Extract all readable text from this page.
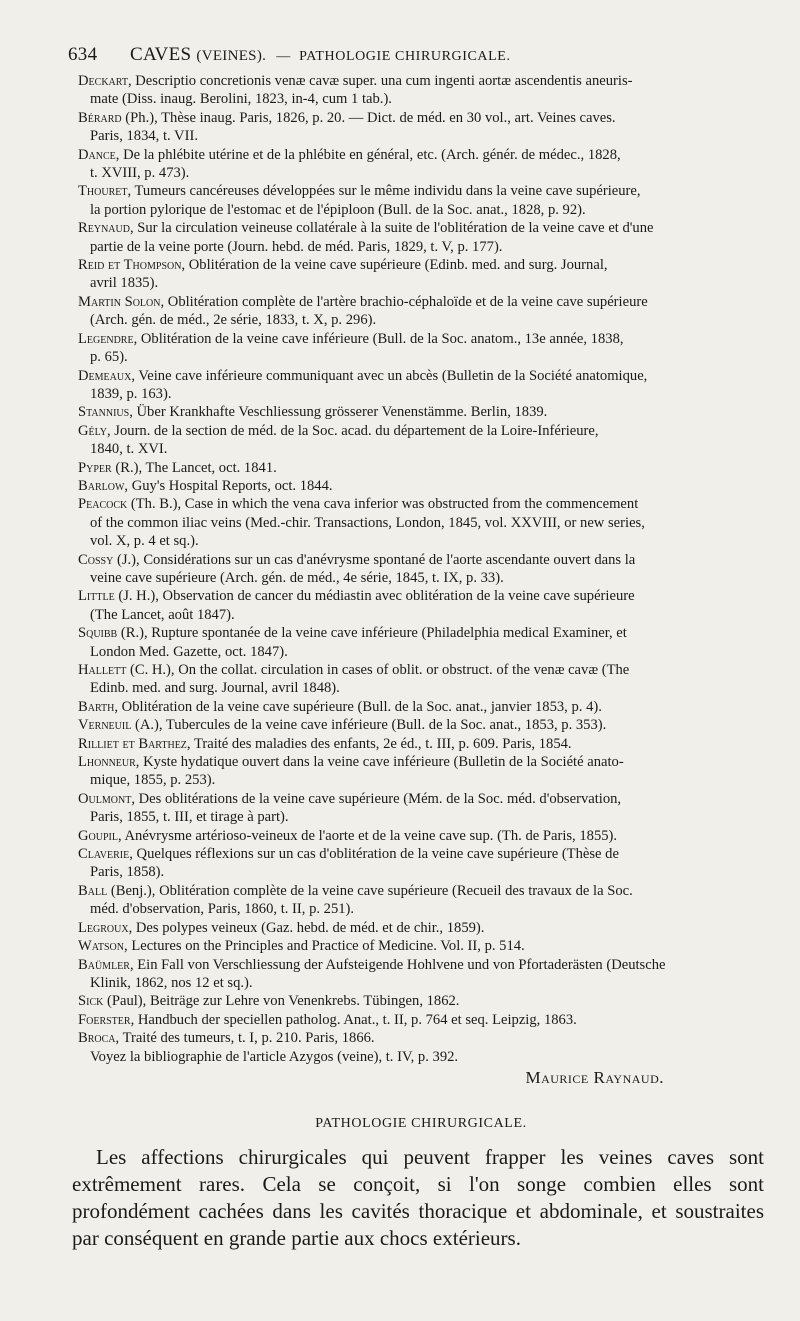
634	CAVES (VEINES). — PATHOLOGIE CHIRURGICALE.
Deckart, Descriptio concretionis venæ cavæ super. una cum ingenti aortæ ascendentis aneuris-
mate (Diss. inaug. Berolini, 1823, in-4, cum 1 tab.).
Bérard (Ph.), Thèse inaug. Paris, 1826, p. 20. — Dict. de méd. en 30 vol., art. Veines caves.
Paris, 1834, t. VII.
Dance, De la phlébite utérine et de la phlébite en général, etc. (Arch. génér. de médec., 1828,
t. XVIII, p. 473).
Thouret, Tumeurs cancéreuses développées sur le même individu dans la veine cave supérieure,
la portion pylorique de l'estomac et de l'épiploon (Bull. de la Soc. anat., 1828, p. 92).
Reynaud, Sur la circulation veineuse collatérale à la suite de l'oblitération de la veine cave et d'une
partie de la veine porte (Journ. hebd. de méd. Paris, 1829, t. V, p. 177).
Reid et Thompson, Oblitération de la veine cave supérieure (Edinb. med. and surg. Journal,
avril 1835).
Martin Solon, Oblitération complète de l'artère brachio-céphaloïde et de la veine cave supérieure
(Arch. gén. de méd., 2e série, 1833, t. X, p. 296).
Legendre, Oblitération de la veine cave inférieure (Bull. de la Soc. anatom., 13e année, 1838,
p. 65).
Demeaux, Veine cave inférieure communiquant avec un abcès (Bulletin de la Société anatomique,
1839, p. 163).
Stannius, Über Krankhafte Veschliessung grösserer Venenstämme. Berlin, 1839.
Gély, Journ. de la section de méd. de la Soc. acad. du département de la Loire-Inférieure,
1840, t. XVI.
Pyper (R.), The Lancet, oct. 1841.
Barlow, Guy's Hospital Reports, oct. 1844.
Peacock (Th. B.), Case in which the vena cava inferior was obstructed from the commencement
of the common iliac veins (Med.-chir. Transactions, London, 1845, vol. XXVIII, or new series,
vol. X, p. 4 et sq.).
Cossy (J.), Considérations sur un cas d'anévrysme spontané de l'aorte ascendante ouvert dans la
veine cave supérieure (Arch. gén. de méd., 4e série, 1845, t. IX, p. 33).
Little (J. H.), Observation de cancer du médiastin avec oblitération de la veine cave supérieure
(The Lancet, août 1847).
Squibb (R.), Rupture spontanée de la veine cave inférieure (Philadelphia medical Examiner, et
London Med. Gazette, oct. 1847).
Hallett (C. H.), On the collat. circulation in cases of oblit. or obstruct. of the venæ cavæ (The
Edinb. med. and surg. Journal, avril 1848).
Barth, Oblitération de la veine cave supérieure (Bull. de la Soc. anat., janvier 1853, p. 4).
Verneuil (A.), Tubercules de la veine cave inférieure (Bull. de la Soc. anat., 1853, p. 353).
Rilliet et Barthez, Traité des maladies des enfants, 2e éd., t. III, p. 609. Paris, 1854.
Lhonneur, Kyste hydatique ouvert dans la veine cave inférieure (Bulletin de la Société anato-
mique, 1855, p. 253).
Oulmont, Des oblitérations de la veine cave supérieure (Mém. de la Soc. méd. d'observation,
Paris, 1855, t. III, et tirage à part).
Goupil, Anévrysme artérioso-veineux de l'aorte et de la veine cave sup. (Th. de Paris, 1855).
Claverie, Quelques réflexions sur un cas d'oblitération de la veine cave supérieure (Thèse de
Paris, 1858).
Ball (Benj.), Oblitération complète de la veine cave supérieure (Recueil des travaux de la Soc.
méd. d'observation, Paris, 1860, t. II, p. 251).
Legroux, Des polypes veineux (Gaz. hebd. de méd. et de chir., 1859).
Watson, Lectures on the Principles and Practice of Medicine. Vol. II, p. 514.
Baümler, Ein Fall von Verschliessung der Aufsteigende Hohlvene und von Pfortaderästen (Deutsche
Klinik, 1862, nos 12 et sq.).
Sick (Paul), Beiträge zur Lehre von Venenkrebs. Tübingen, 1862.
Foerster, Handbuch der speciellen patholog. Anat., t. II, p. 764 et seq. Leipzig, 1863.
Broca, Traité des tumeurs, t. I, p. 210. Paris, 1866.
Voyez la bibliographie de l'article Azygos (veine), t. IV, p. 392.
Maurice Raynaud.
PATHOLOGIE CHIRURGICALE.

Les affections chirurgicales qui peuvent frapper les veines caves sont extrêmement rares. Cela se conçoit, si l'on songe combien elles sont profondément cachées dans les cavités thoracique et abdominale, et soustraites par conséquent en grande partie aux chocs extérieurs.
